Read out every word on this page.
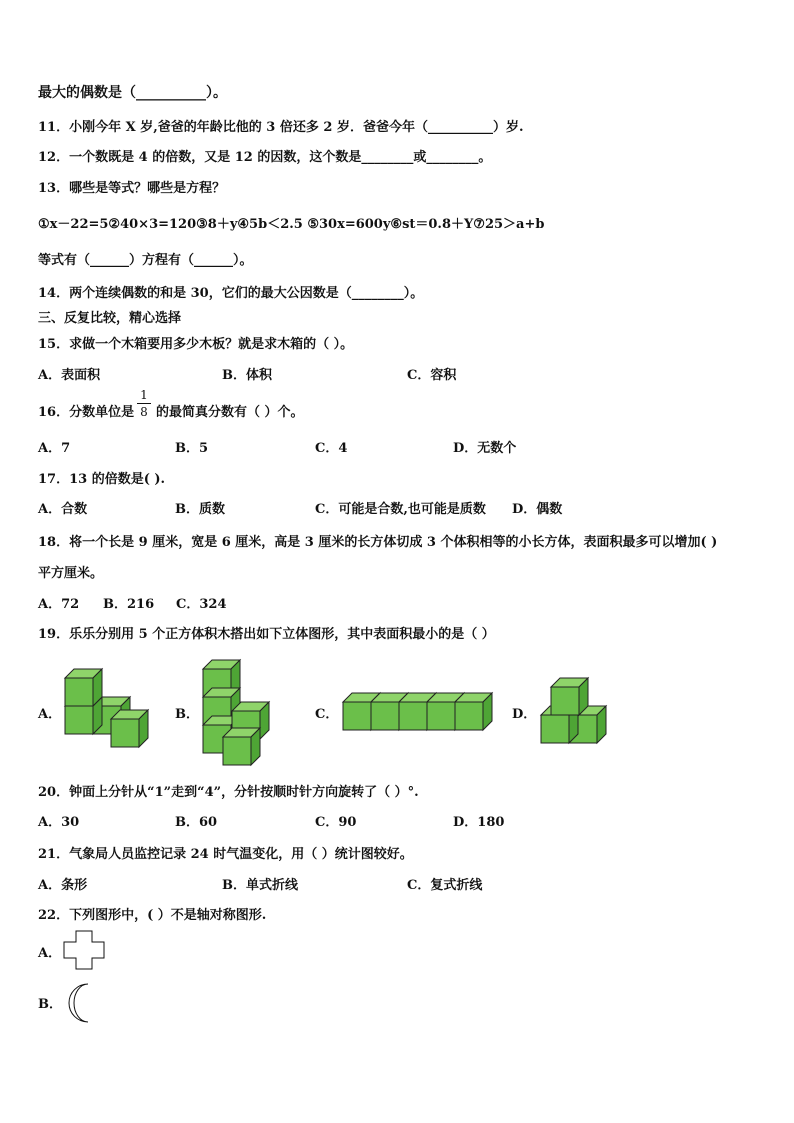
最大的偶数是（__________）。
11．小刚今年 X 岁,爸爸的年龄比他的 3 倍还多 2 岁．爸爸今年（__________）岁.
12．一个数既是 4 的倍数，又是 12 的因数，这个数是________或________。
13．哪些是等式？哪些是方程？
①x－22=5②40×3=120③8＋y④5b＜2.5 ⑤30x=600y⑥st＝0.8＋Y⑦25＞a+b
等式有（______）方程有（______）。
14．两个连续偶数的和是 30，它们的最大公因数是（________）。
三、反复比较，精心选择
15．求做一个木箱要用多少木板？就是求木箱的（ ）。
A．表面积	B．体积	C．容积
16．分数单位是
1
8 的最简真分数有（ ）个。
A．7	B．5	C．4	D．无数个
17．13 的倍数是( ).
A．合数	B．质数	C．可能是合数,也可能是质数 D．偶数
18．将一个长是 9 厘米，宽是 6 厘米，高是 3 厘米的长方体切成 3 个体积相等的小长方体，表面积最多可以增加( )
平方厘米。
A．72 B．216 C．324
19．乐乐分别用 5 个正方体积木搭出如下立体图形，其中表面积最小的是（ ）
A．	B．	C．	D．
20．钟面上分针从“1”走到“4”，分针按顺时针方向旋转了（ ）°.
A．30	B．60	C．90	D．180
21．气象局人员监控记录 24 时气温变化，用（ ）统计图较好。
A．条形	B．单式折线	C．复式折线
22．下列图形中，( ）不是轴对称图形.
A．
B．
